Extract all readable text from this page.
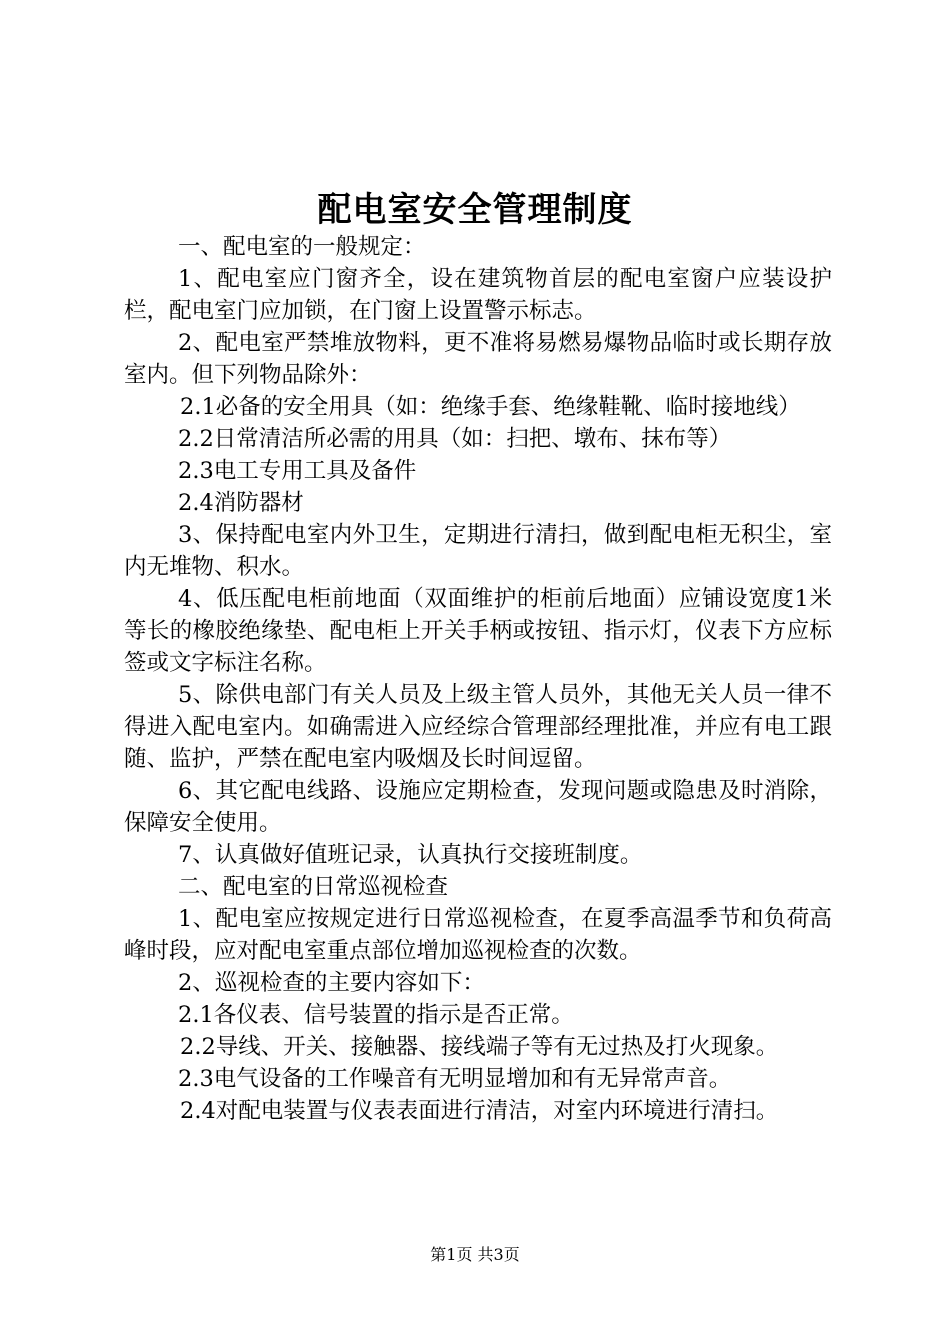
配电室安全管理制度

一、配电室的一般规定：

1、配电室应门窗齐全，设在建筑物首层的配电室窗户应装设护栏，配电室门应加锁，在门窗上设置警示标志。

2、配电室严禁堆放物料，更不准将易燃易爆物品临时或长期存放室内。但下列物品除外：

2.1必备的安全用具（如：绝缘手套、绝缘鞋靴、临时接地线）

2.2日常清洁所必需的用具（如：扫把、墩布、抹布等）

2.3电工专用工具及备件

2.4消防器材

3、保持配电室内外卫生，定期进行清扫，做到配电柜无积尘，室内无堆物、积水。

4、低压配电柜前地面（双面维护的柜前后地面）应铺设宽度1米等长的橡胶绝缘垫、配电柜上开关手柄或按钮、指示灯，仪表下方应标签或文字标注名称。

5、除供电部门有关人员及上级主管人员外，其他无关人员一律不得进入配电室内。如确需进入应经综合管理部经理批准，并应有电工跟随、监护，严禁在配电室内吸烟及长时间逗留。

6、其它配电线路、设施应定期检查，发现问题或隐患及时消除，保障安全使用。

7、认真做好值班记录，认真执行交接班制度。

二、配电室的日常巡视检查

1、配电室应按规定进行日常巡视检查，在夏季高温季节和负荷高峰时段，应对配电室重点部位增加巡视检查的次数。

2、巡视检查的主要内容如下：

2.1各仪表、信号装置的指示是否正常。

2.2导线、开关、接触器、接线端子等有无过热及打火现象。

2.3电气设备的工作噪音有无明显增加和有无异常声音。

2.4对配电装置与仪表表面进行清洁，对室内环境进行清扫。

第1页 共3页
